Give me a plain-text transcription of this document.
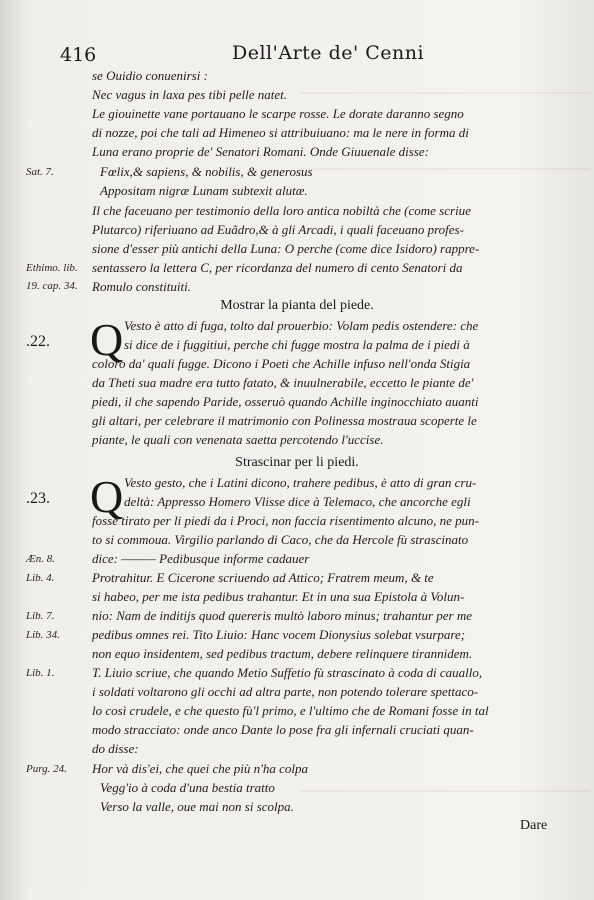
416	Dell'Arte de' Cenni
se Ouidio conuenirsi :
Nec vagus in laxa pes tibi pelle natet.
Le giouinette vane portauano le scarpe rosse. Le dorate daranno segno
di nozze, poi che tali ad Himeneo si attribuiuano: ma le nere in forma di
Luna erano proprie de' Senatori Romani. Onde Giuuenale disse:
Fœlix,& sapiens, & nobilis, & generosus
Appositam nigræ Lunam subtexit alutæ.
Il che faceuano per testimonio della loro antica nobiltà che (come scriue
Plutarco) riferiuano ad Euãdro,& à gli Arcadi, i quali faceuano profes-
sione d'esser più antichi della Luna: O perche (come dice Isidoro) rappre-
sentassero la lettera C, per ricordanza del numero di cento Senatori da
Romulo constituiti.
Sat. 7.
Ethimo. lib.
19. cap. 34.
Mostrar la pianta del piede.
.22. Q Vesto è atto di fuga, tolto dal prouerbio: Volam pedis ostendere: che
si dice de i fuggitiui, perche chi fugge mostra la palma de i piedi à
coloro da' quali fugge. Dicono i Poeti che Achille infuso nell'onda Stigia
da Theti sua madre era tutto fatato, & inuulnerabile, eccetto le piante de'
piedi, il che sapendo Paride, osseruò quando Achille inginocchiato auanti
gli altari, per celebrare il matrimonio con Polinessa mostraua scoperte le
piante, le quali con venenata saetta percotendo l'uccise.
Strascinar per li piedi.
.23. Q Vesto gesto, che i Latini dicono, trahere pedibus, è atto di gran cru-
deltà: Appresso Homero Vlisse dice à Telemaco, che ancorche egli
fosse tirato per li piedi da i Proci, non faccia risentimento alcuno, ne pun-
to si commoua. Virgilio parlando di Caco, che da Hercole fù strascinato
dice: ——— Pedibusque informe cadauer
Protrahitur. E Cicerone scriuendo ad Attico; Fratrem meum, & te
si habeo, per me ista pedibus trahantur. Et in una sua Epistola à Volun-
nio: Nam de inditijs quod quereris multò laboro minus; trahantur per me
pedibus omnes rei. Tito Liuio: Hanc vocem Dionysius solebat vsurpare;
non equo insidentem, sed pedibus tractum, debere relinquere tirannidem.
T. Liuio scriue, che quando Metio Suffetio fù strascinato à coda di cauallo,
i soldati voltarono gli occhi ad altra parte, non potendo tolerare spettaco-
lo così crudele, e che questo fù'l primo, e l'ultimo che de Romani fosse in tal
modo stracciato: onde anco Dante lo pose fra gli infernali cruciati quan-
do disse:
Hor và dis'ei, che quei che più n'ha colpa
Vegg'io à coda d'una bestia tratto
Verso la valle, oue mai non si scolpa.
Æn. 8.
Lib. 4.
Lib. 7.
Lib. 34.
Lib. 1.
Purg. 24.
Dare
